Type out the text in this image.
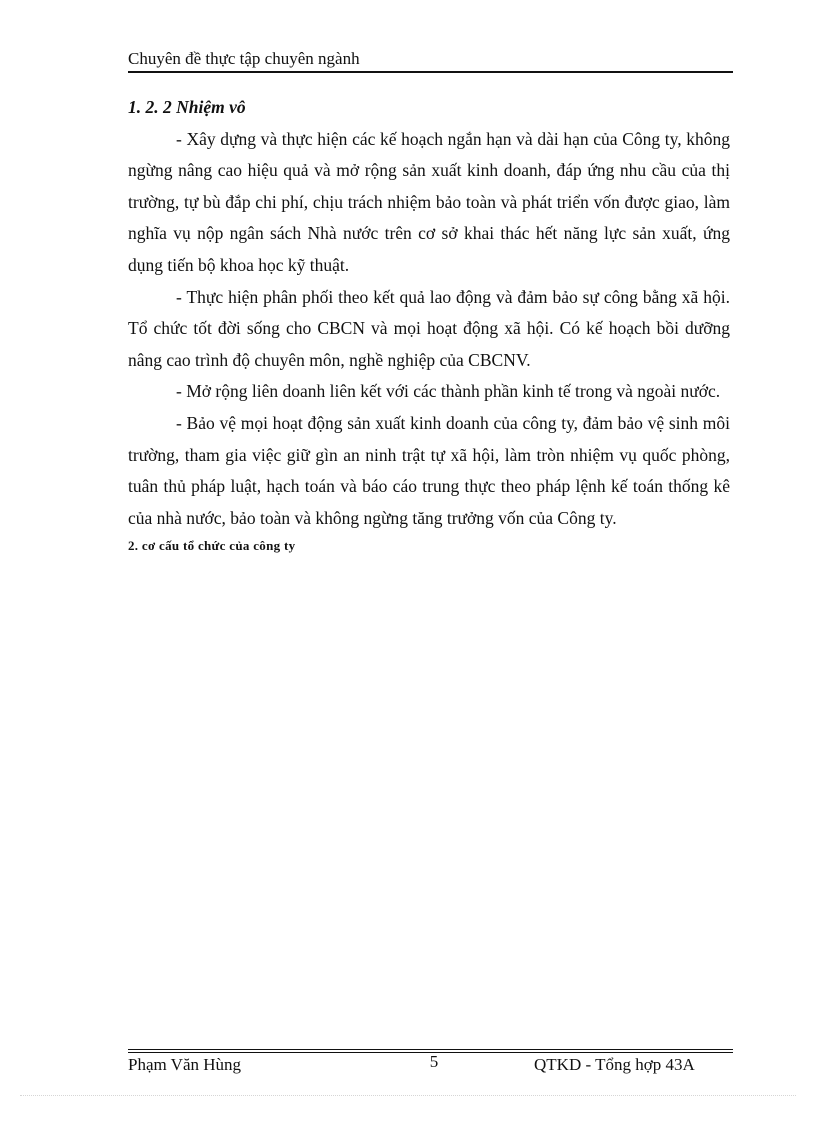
Chuyên đề thực tập chuyên ngành

1. 2. 2 Nhiệm vô

- Xây dựng và thực hiện các kế hoạch ngắn hạn và dài hạn của Công ty, không ngừng nâng cao hiệu quả và mở rộng sản xuất kinh doanh, đáp ứng nhu cầu của thị trường, tự bù đắp chi phí, chịu trách nhiệm bảo toàn và phát triển vốn được giao, làm nghĩa vụ nộp ngân sách Nhà nước trên cơ sở khai thác hết năng lực sản xuất, ứng dụng tiến bộ khoa học kỹ thuật.

- Thực hiện phân phối theo kết quả lao động và đảm bảo sự công bằng xã hội. Tổ chức tốt đời sống cho CBCN và mọi hoạt động xã hội. Có kế hoạch bồi dưỡng nâng cao trình độ chuyên môn, nghề nghiệp của CBCNV.

- Mở rộng liên doanh liên kết với các thành phần kinh tế trong và ngoài nước.

- Bảo vệ mọi hoạt động sản xuất kinh doanh của công ty, đảm bảo vệ sinh môi trường, tham gia việc giữ gìn an ninh trật tự xã hội, làm tròn nhiệm vụ quốc phòng, tuân thủ pháp luật, hạch toán và báo cáo trung thực theo pháp lệnh kế toán thống kê của nhà nước, bảo toàn và không ngừng tăng trưởng vốn của Công ty.

2. cơ cấu tổ chức của công ty

Phạm Văn Hùng	5	QTKD - Tổng hợp 43A
